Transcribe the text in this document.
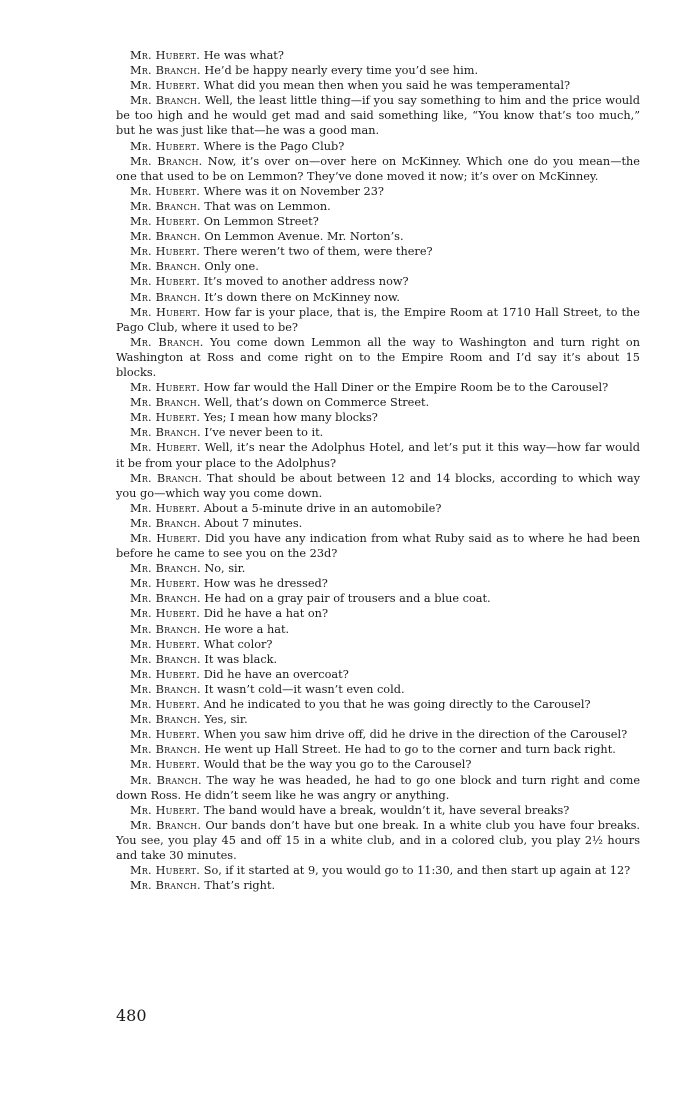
Mr. Hubert. He was what?

Mr. Branch. He’d be happy nearly every time you’d see him.

Mr. Hubert. What did you mean then when you said he was temperamental?

Mr. Branch. Well, the least little thing—if you say something to him and the price would be too high and he would get mad and said something like, “You know that’s too much,” but he was just like that—he was a good man.

Mr. Hubert. Where is the Pago Club?

Mr. Branch. Now, it’s over on—over here on McKinney. Which one do you mean—the one that used to be on Lemmon? They’ve done moved it now; it’s over on McKinney.

Mr. Hubert. Where was it on November 23?

Mr. Branch. That was on Lemmon.

Mr. Hubert. On Lemmon Street?

Mr. Branch. On Lemmon Avenue. Mr. Norton’s.

Mr. Hubert. There weren’t two of them, were there?

Mr. Branch. Only one.

Mr. Hubert. It’s moved to another address now?

Mr. Branch. It’s down there on McKinney now.

Mr. Hubert. How far is your place, that is, the Empire Room at 1710 Hall Street, to the Pago Club, where it used to be?

Mr. Branch. You come down Lemmon all the way to Washington and turn right on Washington at Ross and come right on to the Empire Room and I’d say it’s about 15 blocks.

Mr. Hubert. How far would the Hall Diner or the Empire Room be to the Carousel?

Mr. Branch. Well, that’s down on Commerce Street.

Mr. Hubert. Yes; I mean how many blocks?

Mr. Branch. I’ve never been to it.

Mr. Hubert. Well, it’s near the Adolphus Hotel, and let’s put it this way—how far would it be from your place to the Adolphus?

Mr. Branch. That should be about between 12 and 14 blocks, according to which way you go—which way you come down.

Mr. Hubert. About a 5-minute drive in an automobile?

Mr. Branch. About 7 minutes.

Mr. Hubert. Did you have any indication from what Ruby said as to where he had been before he came to see you on the 23d?

Mr. Branch. No, sir.

Mr. Hubert. How was he dressed?

Mr. Branch. He had on a gray pair of trousers and a blue coat.

Mr. Hubert. Did he have a hat on?

Mr. Branch. He wore a hat.

Mr. Hubert. What color?

Mr. Branch. It was black.

Mr. Hubert. Did he have an overcoat?

Mr. Branch. It wasn’t cold—it wasn’t even cold.

Mr. Hubert. And he indicated to you that he was going directly to the Carousel?

Mr. Branch. Yes, sir.

Mr. Hubert. When you saw him drive off, did he drive in the direction of the Carousel?

Mr. Branch. He went up Hall Street. He had to go to the corner and turn back right.

Mr. Hubert. Would that be the way you go to the Carousel?

Mr. Branch. The way he was headed, he had to go one block and turn right and come down Ross. He didn’t seem like he was angry or anything.

Mr. Hubert. The band would have a break, wouldn’t it, have several breaks?

Mr. Branch. Our bands don’t have but one break. In a white club you have four breaks. You see, you play 45 and off 15 in a white club, and in a colored club, you play 2½ hours and take 30 minutes.

Mr. Hubert. So, if it started at 9, you would go to 11:30, and then start up again at 12?

Mr. Branch. That’s right.

480
